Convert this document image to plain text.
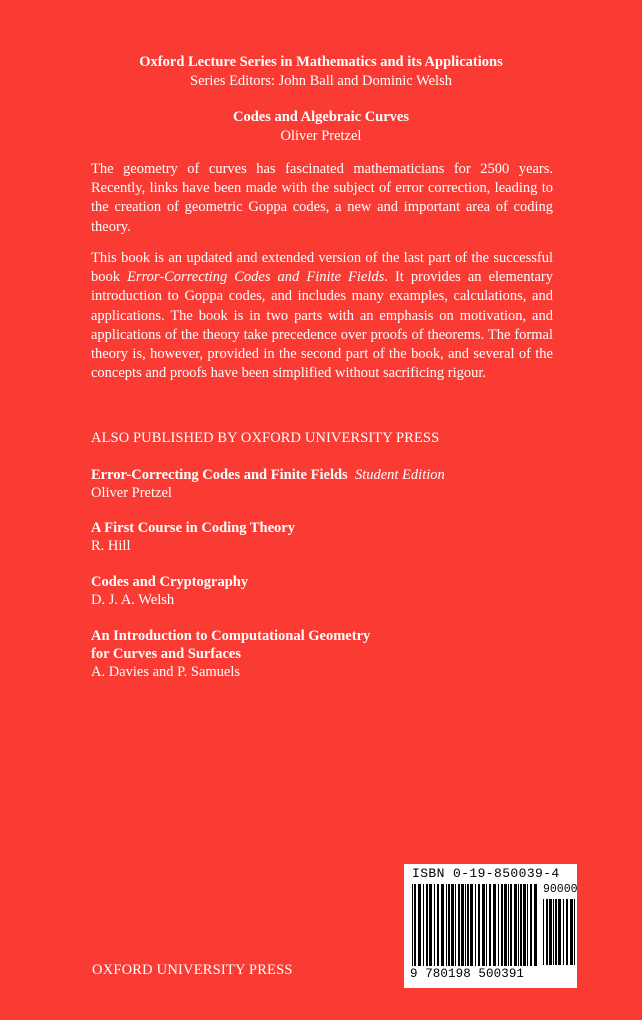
Oxford Lecture Series in Mathematics and its Applications
Series Editors: John Ball and Dominic Welsh
Codes and Algebraic Curves
Oliver Pretzel

The geometry of curves has fascinated mathematicians for 2500 years. Recently, links have been made with the subject of error correction, leading to the creation of geometric Goppa codes, a new and important area of coding theory.

This book is an updated and extended version of the last part of the successful book Error-Correcting Codes and Finite Fields. It provides an elementary introduction to Goppa codes, and includes many examples, calculations, and applications. The book is in two parts with an emphasis on motivation, and applications of the theory take precedence over proofs of theorems. The formal theory is, however, provided in the second part of the book, and several of the concepts and proofs have been simplified without sacrificing rigour.

ALSO PUBLISHED BY OXFORD UNIVERSITY PRESS
Error-Correcting Codes and Finite Fields Student Edition
Oliver Pretzel
A First Course in Coding Theory
R. Hill
Codes and Cryptography
D. J. A. Welsh
An Introduction to Computational Geometry
for Curves and Surfaces
A. Davies and P. Samuels
ISBN 0-19-850039-4
90000
9 780198 500391
OXFORD UNIVERSITY PRESS
